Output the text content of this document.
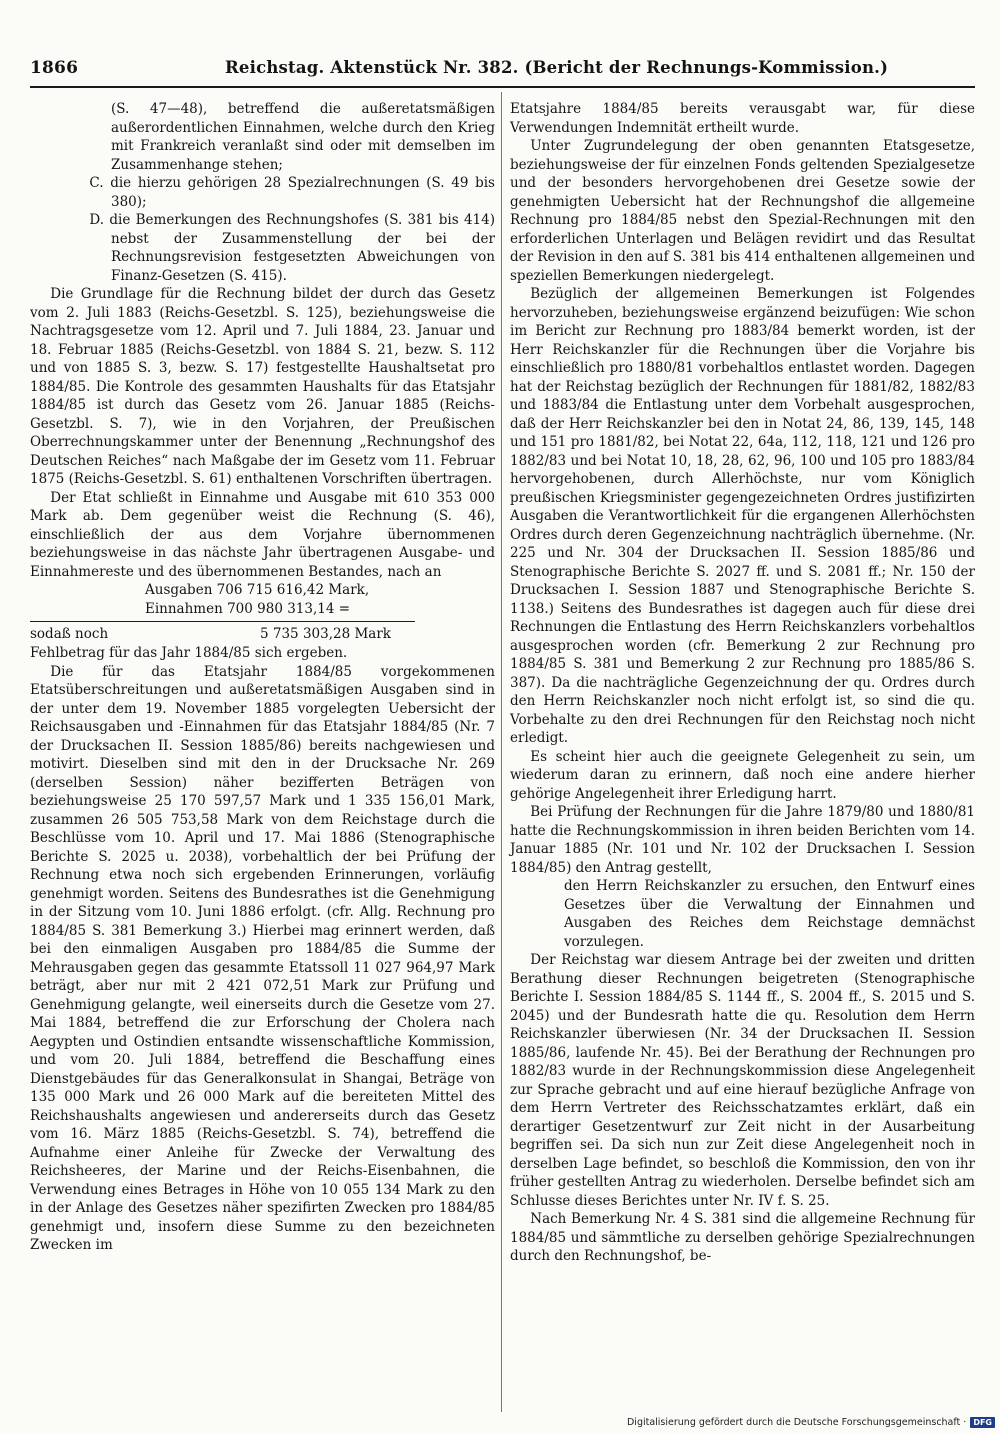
1866	Reichstag. Aktenstück Nr. 382. (Bericht der Rechnungs-Kommission.)

(S. 47—48), betreffend die außeretatsmäßigen außerordentlichen Einnahmen, welche durch den Krieg mit Frankreich veranlaßt sind oder mit demselben im Zusammenhange stehen;

C. die hierzu gehörigen 28 Spezialrechnungen (S. 49 bis 380);

D. die Bemerkungen des Rechnungshofes (S. 381 bis 414) nebst der Zusammenstellung der bei der Rechnungsrevision festgesetzten Abweichungen von Finanz-Gesetzen (S. 415).

Die Grundlage für die Rechnung bildet der durch das Gesetz vom 2. Juli 1883 (Reichs-Gesetzbl. S. 125), beziehungsweise die Nachtragsgesetze vom 12. April und 7. Juli 1884, 23. Januar und 18. Februar 1885 (Reichs-Gesetzbl. von 1884 S. 21, bezw. S. 112 und von 1885 S. 3, bezw. S. 17) festgestellte Haushaltsetat pro 1884/85. Die Kontrole des gesammten Haushalts für das Etatsjahr 1884/85 ist durch das Gesetz vom 26. Januar 1885 (Reichs-Gesetzbl. S. 7), wie in den Vorjahren, der Preußischen Oberrechnungskammer unter der Benennung „Rechnungshof des Deutschen Reiches“ nach Maßgabe der im Gesetz vom 11. Februar 1875 (Reichs-Gesetzbl. S. 61) enthaltenen Vorschriften übertragen.

Der Etat schließt in Einnahme und Ausgabe mit 610 353 000 Mark ab. Dem gegenüber weist die Rechnung (S. 46), einschließlich der aus dem Vorjahre übernommenen beziehungsweise in das nächste Jahr übertragenen Ausgabe- und Einnahmereste und des übernommenen Bestandes, nach an

Ausgaben 706 715 616,42 Mark,
Einnahmen 700 980 313,14 =
sodaß noch	5 735 303,28 Mark

Fehlbetrag für das Jahr 1884/85 sich ergeben.

Die für das Etatsjahr 1884/85 vorgekommenen Etatsüberschreitungen und außeretatsmäßigen Ausgaben sind in der unter dem 19. November 1885 vorgelegten Uebersicht der Reichsausgaben und -Einnahmen für das Etatsjahr 1884/85 (Nr. 7 der Drucksachen II. Session 1885/86) bereits nachgewiesen und motivirt. Dieselben sind mit den in der Drucksache Nr. 269 (derselben Session) näher bezifferten Beträgen von beziehungsweise 25 170 597,57 Mark und 1 335 156,01 Mark, zusammen 26 505 753,58 Mark von dem Reichstage durch die Beschlüsse vom 10. April und 17. Mai 1886 (Stenographische Berichte S. 2025 u. 2038), vorbehaltlich der bei Prüfung der Rechnung etwa noch sich ergebenden Erinnerungen, vorläufig genehmigt worden. Seitens des Bundesrathes ist die Genehmigung in der Sitzung vom 10. Juni 1886 erfolgt. (cfr. Allg. Rechnung pro 1884/85 S. 381 Bemerkung 3.) Hierbei mag erinnert werden, daß bei den einmaligen Ausgaben pro 1884/85 die Summe der Mehrausgaben gegen das gesammte Etatssoll 11 027 964,97 Mark beträgt, aber nur mit 2 421 072,51 Mark zur Prüfung und Genehmigung gelangte, weil einerseits durch die Gesetze vom 27. Mai 1884, betreffend die zur Erforschung der Cholera nach Aegypten und Ostindien entsandte wissenschaftliche Kommission, und vom 20. Juli 1884, betreffend die Beschaffung eines Dienstgebäudes für das Generalkonsulat in Shangai, Beträge von 135 000 Mark und 26 000 Mark auf die bereiteten Mittel des Reichshaushalts angewiesen und andererseits durch das Gesetz vom 16. März 1885 (Reichs-Gesetzbl. S. 74), betreffend die Aufnahme einer Anleihe für Zwecke der Verwaltung des Reichsheeres, der Marine und der Reichs-Eisenbahnen, die Verwendung eines Betrages in Höhe von 10 055 134 Mark zu den in der Anlage des Gesetzes näher spezifirten Zwecken pro 1884/85 genehmigt und, insofern diese Summe zu den bezeichneten Zwecken im

Etatsjahre 1884/85 bereits verausgabt war, für diese Verwendungen Indemnität ertheilt wurde.

Unter Zugrundelegung der oben genannten Etatsgesetze, beziehungsweise der für einzelnen Fonds geltenden Spezialgesetze und der besonders hervorgehobenen drei Gesetze sowie der genehmigten Uebersicht hat der Rechnungshof die allgemeine Rechnung pro 1884/85 nebst den Spezial-Rechnungen mit den erforderlichen Unterlagen und Belägen revidirt und das Resultat der Revision in den auf S. 381 bis 414 enthaltenen allgemeinen und speziellen Bemerkungen niedergelegt.

Bezüglich der allgemeinen Bemerkungen ist Folgendes hervorzuheben, beziehungsweise ergänzend beizufügen: Wie schon im Bericht zur Rechnung pro 1883/84 bemerkt worden, ist der Herr Reichskanzler für die Rechnungen über die Vorjahre bis einschließlich pro 1880/81 vorbehaltlos entlastet worden. Dagegen hat der Reichstag bezüglich der Rechnungen für 1881/82, 1882/83 und 1883/84 die Entlastung unter dem Vorbehalt ausgesprochen, daß der Herr Reichskanzler bei den in Notat 24, 86, 139, 145, 148 und 151 pro 1881/82, bei Notat 22, 64a, 112, 118, 121 und 126 pro 1882/83 und bei Notat 10, 18, 28, 62, 96, 100 und 105 pro 1883/84 hervorgehobenen, durch Allerhöchste, nur vom Königlich preußischen Kriegsminister gegengezeichneten Ordres justifizirten Ausgaben die Verantwortlichkeit für die ergangenen Allerhöchsten Ordres durch deren Gegenzeichnung nachträglich übernehme. (Nr. 225 und Nr. 304 der Drucksachen II. Session 1885/86 und Stenographische Berichte S. 2027 ff. und S. 2081 ff.; Nr. 150 der Drucksachen I. Session 1887 und Stenographische Berichte S. 1138.) Seitens des Bundesrathes ist dagegen auch für diese drei Rechnungen die Entlastung des Herrn Reichskanzlers vorbehaltlos ausgesprochen worden (cfr. Bemerkung 2 zur Rechnung pro 1884/85 S. 381 und Bemerkung 2 zur Rechnung pro 1885/86 S. 387). Da die nachträgliche Gegenzeichnung der qu. Ordres durch den Herrn Reichskanzler noch nicht erfolgt ist, so sind die qu. Vorbehalte zu den drei Rechnungen für den Reichstag noch nicht erledigt.

Es scheint hier auch die geeignete Gelegenheit zu sein, um wiederum daran zu erinnern, daß noch eine andere hierher gehörige Angelegenheit ihrer Erledigung harrt.

Bei Prüfung der Rechnungen für die Jahre 1879/80 und 1880/81 hatte die Rechnungskommission in ihren beiden Berichten vom 14. Januar 1885 (Nr. 101 und Nr. 102 der Drucksachen I. Session 1884/85) den Antrag gestellt,

den Herrn Reichskanzler zu ersuchen, den Entwurf eines Gesetzes über die Verwaltung der Einnahmen und Ausgaben des Reiches dem Reichstage demnächst vorzulegen.

Der Reichstag war diesem Antrage bei der zweiten und dritten Berathung dieser Rechnungen beigetreten (Stenographische Berichte I. Session 1884/85 S. 1144 ff., S. 2004 ff., S. 2015 und S. 2045) und der Bundesrath hatte die qu. Resolution dem Herrn Reichskanzler überwiesen (Nr. 34 der Drucksachen II. Session 1885/86, laufende Nr. 45). Bei der Berathung der Rechnungen pro 1882/83 wurde in der Rechnungskommission diese Angelegenheit zur Sprache gebracht und auf eine hierauf bezügliche Anfrage von dem Herrn Vertreter des Reichsschatzamtes erklärt, daß ein derartiger Gesetzentwurf zur Zeit nicht in der Ausarbeitung begriffen sei. Da sich nun zur Zeit diese Angelegenheit noch in derselben Lage befindet, so beschloß die Kommission, den von ihr früher gestellten Antrag zu wiederholen. Derselbe befindet sich am Schlusse dieses Berichtes unter Nr. IV f. S. 25.

Nach Bemerkung Nr. 4 S. 381 sind die allgemeine Rechnung für 1884/85 und sämmtliche zu derselben gehörige Spezialrechnungen durch den Rechnungshof, be-

Digitalisierung gefördert durch die Deutsche Forschungsgemeinschaft · DFG
